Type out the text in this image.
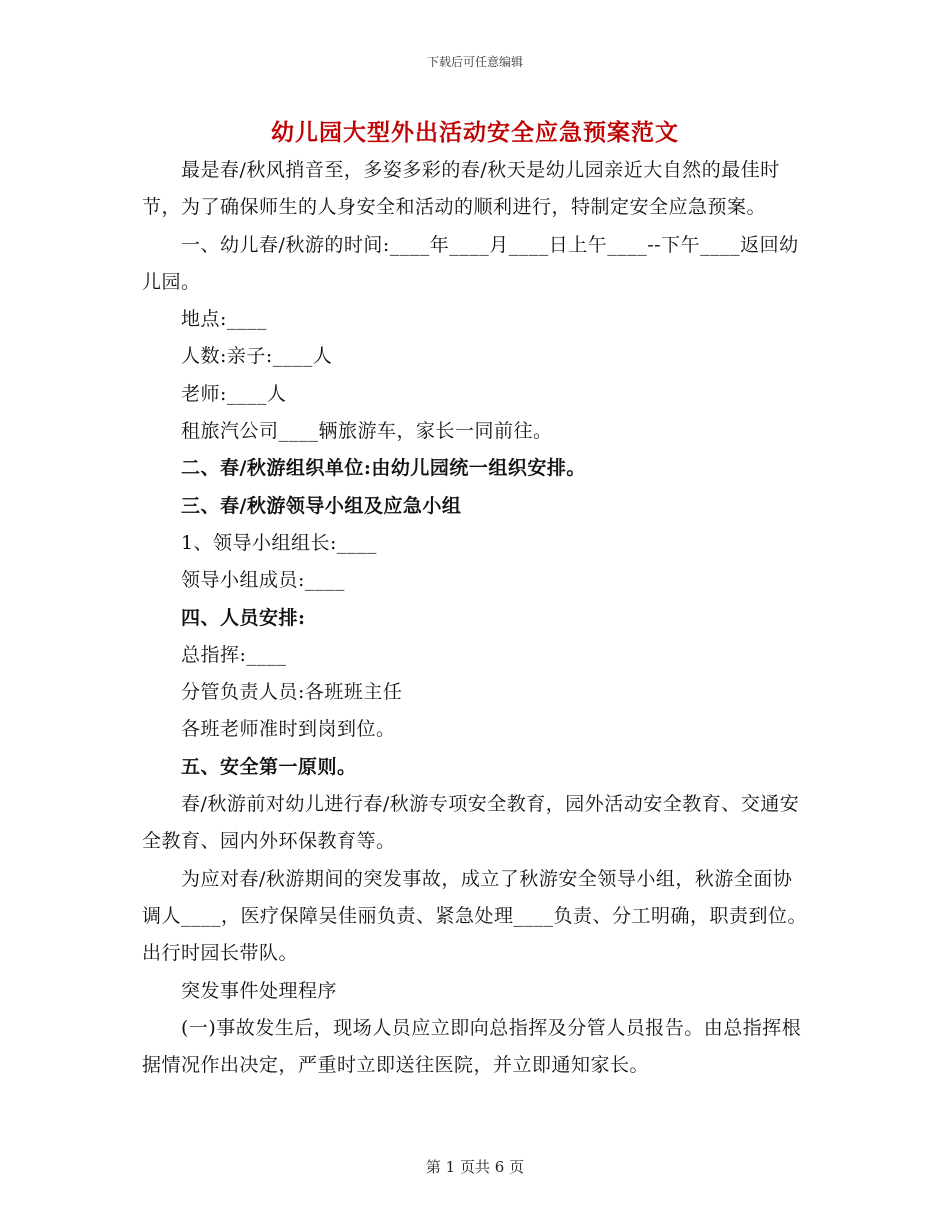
下载后可任意编辑
幼儿园大型外出活动安全应急预案范文

最是春/秋风捎音至，多姿多彩的春/秋天是幼儿园亲近大自然的最佳时节，为了确保师生的人身安全和活动的顺利进行，特制定安全应急预案。

一、幼儿春/秋游的时间:____年____月____日上午____--下午____返回幼儿园。

地点:____

人数:亲子:____人

老师:____人

租旅汽公司____辆旅游车，家长一同前往。

二、春/秋游组织单位:由幼儿园统一组织安排。

三、春/秋游领导小组及应急小组

1、领导小组组长:____

领导小组成员:____

四、人员安排:

总指挥:____

分管负责人员:各班班主任

各班老师准时到岗到位。

五、安全第一原则。

春/秋游前对幼儿进行春/秋游专项安全教育，园外活动安全教育、交通安全教育、园内外环保教育等。

为应对春/秋游期间的突发事故，成立了秋游安全领导小组，秋游全面协调人____，医疗保障吴佳丽负责、紧急处理____负责、分工明确，职责到位。出行时园长带队。

突发事件处理程序

(一)事故发生后，现场人员应立即向总指挥及分管人员报告。由总指挥根据情况作出决定，严重时立即送往医院，并立即通知家长。

第 1 页共 6 页
